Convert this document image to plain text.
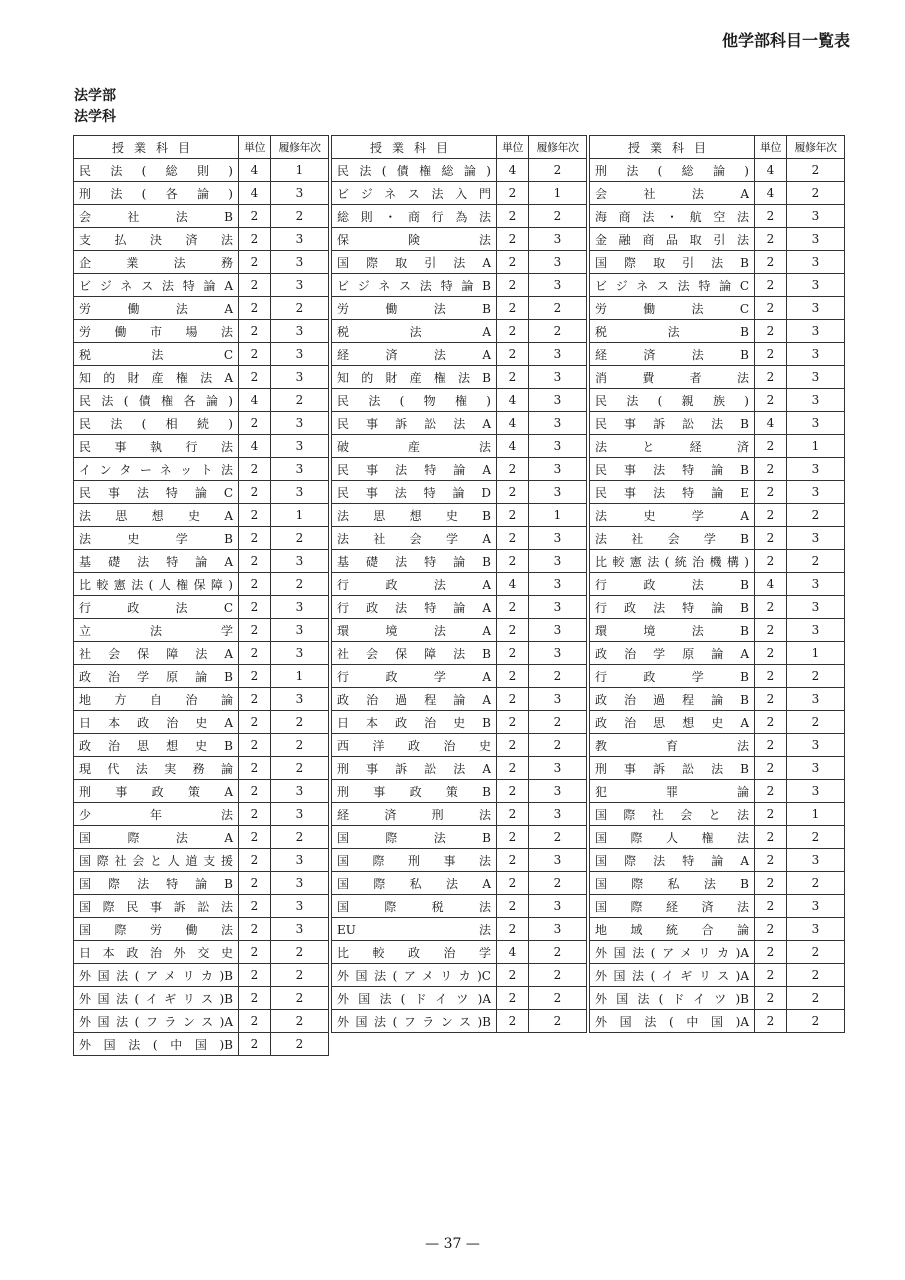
他学部科目一覧表
法学部
法学科
授業科目	単位	履修年次
民法(総則)	4	1
刑法(各論)	4	3
会社法B	2	2
支払決済法	2	3
企業法務	2	3
ビジネス法特論A	2	3
労働法A	2	2
労働市場法	2	3
税法C	2	3
知的財産権法A	2	3
民法(債権各論)	4	2
民法(相続)	2	3
民事執行法	4	3
インターネット法	2	3
民事法特論C	2	3
法思想史A	2	1
法史学B	2	2
基礎法特論A	2	3
比較憲法(人権保障)	2	2
行政法C	2	3
立法学	2	3
社会保障法A	2	3
政治学原論B	2	1
地方自治論	2	3
日本政治史A	2	2
政治思想史B	2	2
現代法実務論	2	2
刑事政策A	2	3
少年法	2	3
国際法A	2	2
国際社会と人道支援	2	3
国際法特論B	2	3
国際民事訴訟法	2	3
国際労働法	2	3
日本政治外交史	2	2
外国法(アメリカ)B	2	2
外国法(イギリス)B	2	2
外国法(フランス)A	2	2
外国法(中国)B	2	2
授業科目	単位	履修年次
民法(債権総論)	4	2
ビジネス法入門	2	1
総則・商行為法	2	2
保険法	2	3
国際取引法A	2	3
ビジネス法特論B	2	3
労働法B	2	2
税法A	2	2
経済法A	2	3
知的財産権法B	2	3
民法(物権)	4	3
民事訴訟法A	4	3
破産法	4	3
民事法特論A	2	3
民事法特論D	2	3
法思想史B	2	1
法社会学A	2	3
基礎法特論B	2	3
行政法A	4	3
行政法特論A	2	3
環境法A	2	3
社会保障法B	2	3
行政学A	2	2
政治過程論A	2	3
日本政治史B	2	2
西洋政治史	2	2
刑事訴訟法A	2	3
刑事政策B	2	3
経済刑法	2	3
国際法B	2	2
国際刑事法	2	3
国際私法A	2	2
国際税法	2	3
EU法	2	3
比較政治学	4	2
外国法(アメリカ)C	2	2
外国法(ドイツ)A	2	2
外国法(フランス)B	2	2
授業科目	単位	履修年次
刑法(総論)	4	2
会社法A	4	2
海商法・航空法	2	3
金融商品取引法	2	3
国際取引法B	2	3
ビジネス法特論C	2	3
労働法C	2	3
税法B	2	3
経済法B	2	3
消費者法	2	3
民法(親族)	2	3
民事訴訟法B	4	3
法と経済	2	1
民事法特論B	2	3
民事法特論E	2	3
法史学A	2	2
法社会学B	2	3
比較憲法(統治機構)	2	2
行政法B	4	3
行政法特論B	2	3
環境法B	2	3
政治学原論A	2	1
行政学B	2	2
政治過程論B	2	3
政治思想史A	2	2
教育法	2	3
刑事訴訟法B	2	3
犯罪論	2	3
国際社会と法	2	1
国際人権法	2	2
国際法特論A	2	3
国際私法B	2	2
国際経済法	2	3
地域統合論	2	3
外国法(アメリカ)A	2	2
外国法(イギリス)A	2	2
外国法(ドイツ)B	2	2
外国法(中国)A	2	2
— 37 —
